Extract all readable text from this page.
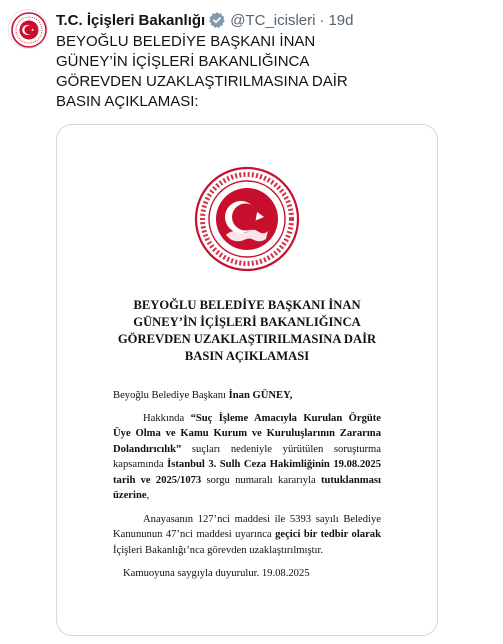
T.C. İçişleri Bakanlığı @TC_icisleri · 19d
BEYOĞLU BELEDİYE BAŞKANI İNAN
GÜNEY’İN İÇİŞLERİ BAKANLIĞINCA
GÖREVDEN UZAKLAŞTIRILMASINA DAİR
BASIN AÇIKLAMASI:
BEYOĞLU BELEDİYE BAŞKANI İNAN
GÜNEY’İN İÇİŞLERİ BAKANLIĞINCA
GÖREVDEN UZAKLAŞTIRILMASINA DAİR
BASIN AÇIKLAMASI
Beyoğlu Belediye Başkanı İnan GÜNEY,
Hakkında “Suç İşleme Amacıyla Kurulan Örgüte Üye Olma ve Kamu Kurum ve Kuruluşlarının Zararına Dolandırıcılık” suçları nedeniyle yürütülen soruşturma kapsamında İstanbul 3. Sulh Ceza Hakimliğinin 19.08.2025 tarih ve 2025/1073 sorgu numaralı kararıyla tutuklanması üzerine,
Anayasanın 127’nci maddesi ile 5393 sayılı Belediye Kanununun 47’nci maddesi uyarınca geçici bir tedbir olarak İçişleri Bakanlığı’nca görevden uzaklaştırılmıştır.
Kamuoyuna saygıyla duyurulur. 19.08.2025
